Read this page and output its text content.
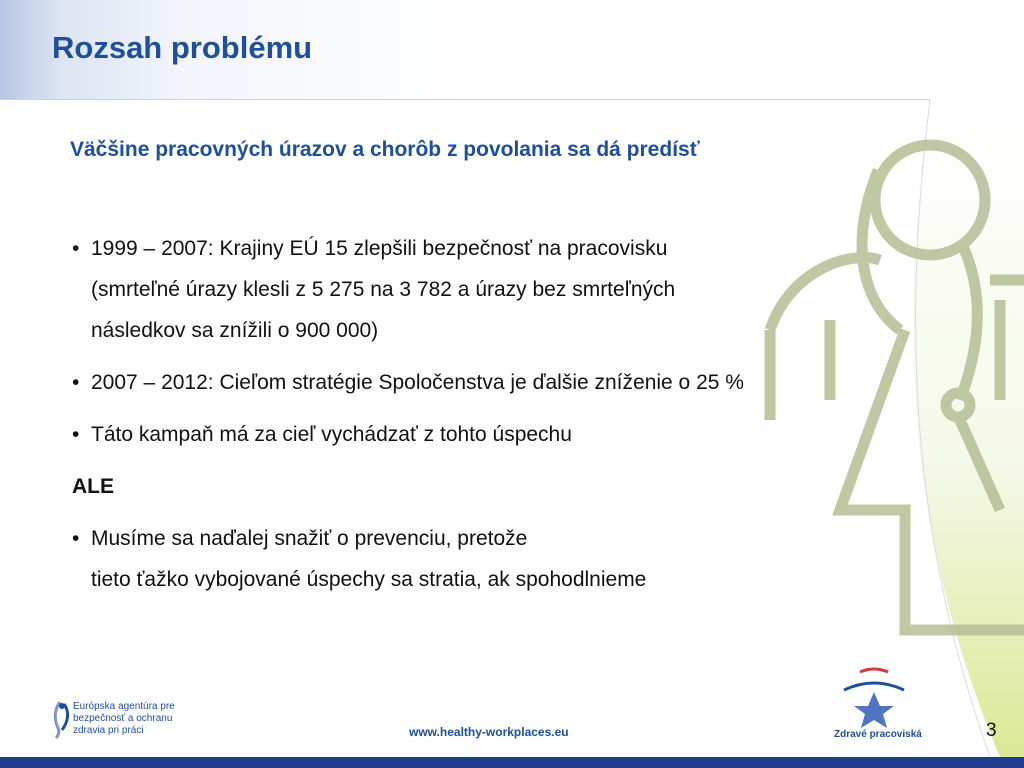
Rozsah problému
Väčšine pracovných úrazov a chorôb z povolania sa dá predísť
• 1999 – 2007: Krajiny EÚ 15 zlepšili bezpečnosť na pracovisku
(smrteľné úrazy klesli z 5 275 na 3 782 a úrazy bez smrteľných
následkov sa znížili o 900 000)
• 2007 – 2012: Cieľom stratégie Spoločenstva je ďalšie zníženie o 25 %
• Táto kampaň má za cieľ vychádzať z tohto úspechu
ALE
• Musíme sa naďalej snažiť o prevenciu, pretože
tieto ťažko vybojované úspechy sa stratia, ak spohodlnieme
Európska agentúra pre
bezpečnosť a ochranu
zdravia pri práci	www.healthy-workplaces.eu	Zdravé pracoviská	3
